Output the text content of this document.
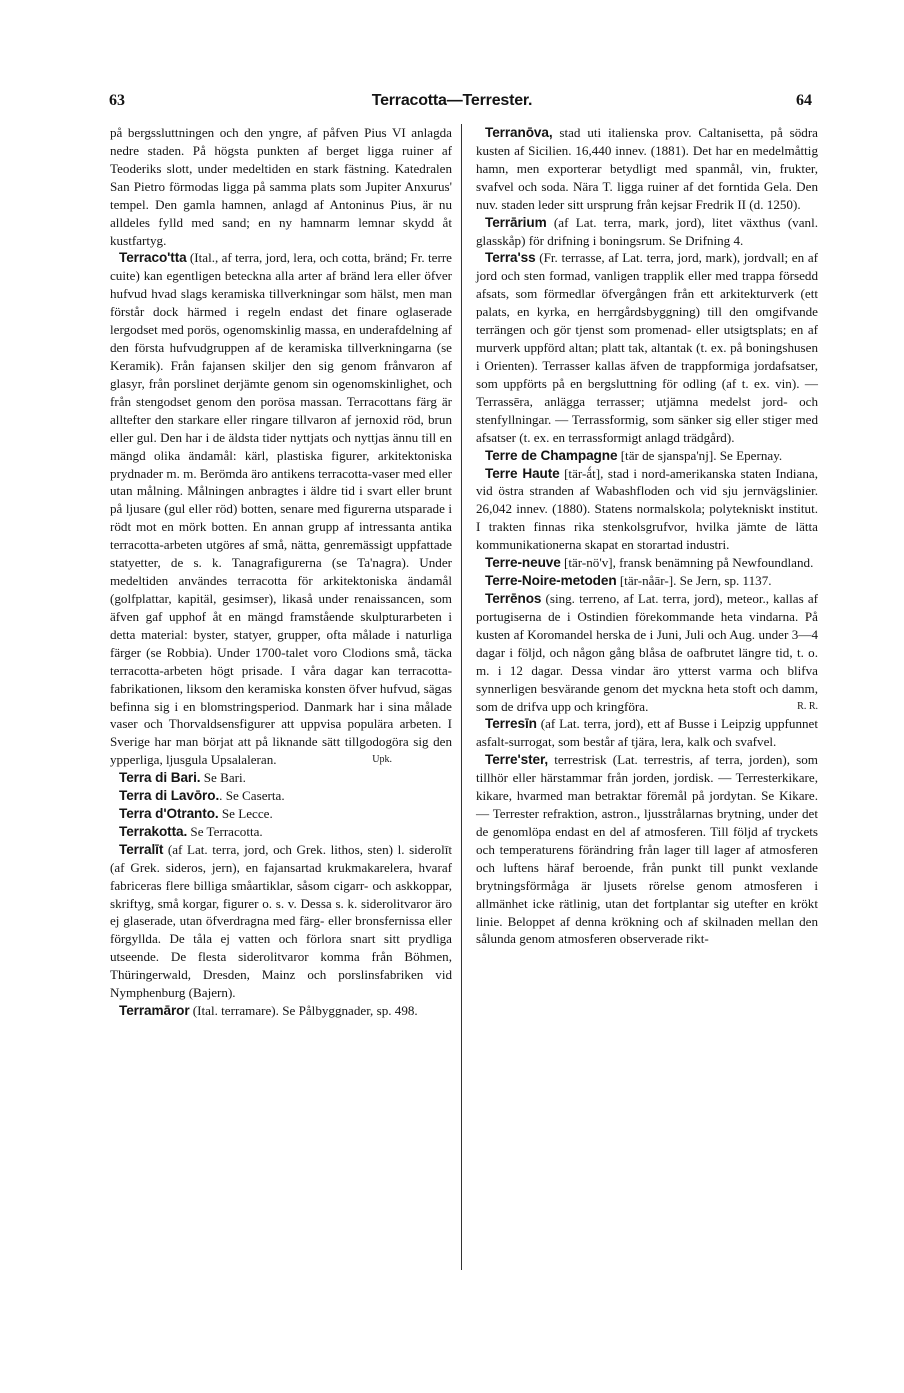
63	Terracotta—Terrester.	64

på bergssluttningen och den yngre, af påfven Pius VI anlagda nedre staden. På högsta punkten af berget ligga ruiner af Teoderiks slott, under medeltiden en stark fästning. Katedralen San Pietro förmodas ligga på samma plats som Jupiter Anxurus' tempel. Den gamla hamnen, anlagd af Antoninus Pius, är nu alldeles fylld med sand; en ny hamnarm lemnar skydd åt kustfartyg.

Terraco'tta (Ital., af terra, jord, lera, och cotta, bränd; Fr. terre cuite) kan egentligen betecknа alla arter af bränd lera eller öfver hufvud hvad slags keramiska tillverkningar som hälst, men man förstår dock härmed i regeln endast det finare oglaserade lergodset med porös, ogenomskinlig massa, en underafdelning af den första hufvudgruppen af de keramiska tillverkningarna (se Keramik). Från fajansen skiljer den sig genom frånvaron af glasyr, från porslinet derjämte genom sin ogenomskinlighet, och från stengodset genom den porösa massan. Terracottans färg är alltefter den starkare eller ringare tillvaron af jernoxid röd, brun eller gul. Den har i de äldsta tider nyttjats och nyttjas ännu till en mängd olika ändamål: kärl, plastiska figurer, arkitektoniska prydnader m. m. Berömda äro antikens terracotta-vaser med eller utan målning. Målningen anbragtes i äldre tid i svart eller brunt på ljusare (gul eller röd) botten, senare med figurerna utsparade i rödt mot en mörk botten. En annan grupp af intressanta antika terracotta-arbeten utgöres af små, nätta, genremässigt uppfattade statyetter, de s. k. Tanagrafigurerna (se Ta'nagra). Under medeltiden användes terracotta för arkitektoniska ändamål (golfplattar, kapitäl, gesimser), likaså under renaissancen, som äfven gaf upphof åt en mängd framstående skulpturarbeten i detta material: byster, statyer, grupper, ofta målade i naturliga färger (se Robbia). Under 1700-talet voro Clodions små, täcka terracotta-arbeten högt prisade. I våra dagar kan terracotta-fabrikationen, liksom den keramiska konsten öfver hufvud, sägas befinna sig i en blomstringsperiod. Danmark har i sina målade vaser och Thorvaldsensfigurer att uppvisa populära arbeten. I Sverige har man börjat att på liknande sätt tillgodogöra sig den ypperliga, ljusgula Upsalaleran.	Upk.

Terra di Bari. Se Bari.

Terra di Lavōro.. Se Caserta.

Terra d'Otranto. Se Lecce.

Terrakotta. Se Terracotta.

Terralīt (af Lat. terra, jord, och Grek. lithos, sten) l. siderolīt (af Grek. sideros, jern), en fajansartad krukmakarelera, hvaraf fabriceras flere billiga småartiklar, såsom cigarr- och askkoppar, skriftyg, små korgar, figurer o. s. v. Dessa s. k. siderolitvaror äro ej glaserade, utan öfverdragna med färg- eller bronsfernissa eller förgyllda. De tåla ej vatten och förlora snart sitt prydliga utseende. De flesta siderolitvaror komma från Böhmen, Thüringerwald, Dresden, Mainz och porslinsfabriken vid Nymphenburg (Bajern).

Terramāror (Ital. terramare). Se Pålbyggnader, sp. 498.

Terranōva, stad uti italienska prov. Caltanisetta, på södra kusten af Sicilien. 16,440 innev. (1881). Det har en medelmåttig hamn, men exporterar betydligt med spanmål, vin, frukter, svafvel och soda. Nära T. ligga ruiner af det forntida Gela. Den nuv. staden leder sitt ursprung från kejsar Fredrik II (d. 1250).

Terrārium (af Lat. terra, mark, jord), litet växthus (vanl. glasskåp) för drifning i boningsrum. Se Drifning 4.

Terra'ss (Fr. terrasse, af Lat. terra, jord, mark), jordvall; en af jord och sten formad, vanligen trapplik eller med trappa försedd afsats, som förmedlar öfvergången från ett arkitekturverk (ett palats, en kyrka, en herrgårdsbyggning) till den omgifvande terrängen och gör tjenst som promenad- eller utsigtsplats; en af murverk uppförd altan; platt tak, altantak (t. ex. på boningshusen i Orienten). Terrasser kallas äfven de trappformiga jordafsatser, som uppförts på en bergsluttning för odling (af t. ex. vin). — Terrassēra, anlägga terrasser; utjämna medelst jord- och stenfyllningar. — Terrassformig, som sänker sig eller stiger med afsatser (t. ex. en terrassformigt anlagd trädgård).

Terre de Champagne [tär de sjanspa'nj]. Se Epernay.

Terre Haute [tär-ǻt], stad i nord-amerikanska staten Indiana, vid östra stranden af Wabashfloden och vid sju jernvägslinier. 26,042 innev. (1880). Statens normalskola; polytekniskt institut. I trakten finnas rika stenkolsgrufvor, hvilka jämte de lätta kommunikationerna skapat en storartad industri.

Terre-neuve [tär-nö'v], fransk benämning på Newfoundland.

Terre-Noire-metoden [tär-nåār-]. Se Jern, sp. 1137.

Terrēnos (sing. terreno, af Lat. terra, jord), meteor., kallas af portugiserna de i Ostindien förekommande heta vindarna. På kusten af Koromandel herska de i Juni, Juli och Aug. under 3—4 dagar i följd, och någon gång blåsa de oafbrutet längre tid, t. o. m. i 12 dagar. Dessa vindar äro ytterst varma och blifva synnerligen besvärande genom det myckna heta stoft och damm, som de drifva upp och kringföra.	R. R.

Terresīn (af Lat. terra, jord), ett af Busse i Leipzig uppfunnet asfalt-surrogat, som består af tjära, lera, kalk och svafvel.

Terre'ster, terrestrisk (Lat. terrestris, af terra, jorden), som tillhör eller härstammar från jorden, jordisk. — Terresterkikare, kikare, hvarmed man betraktar föremål på jordytan. Se Kikare. — Terrester refraktion, astron., ljusstrålarnas brytning, under det de genomlöpa endast en del af atmosferen. Till följd af tryckets och temperaturens förändring från lager till lager af atmosferen och luftens häraf beroende, från punkt till punkt vexlande brytningsförmåga är ljusets rörelse genom atmosferen i allmänhet icke rätlinig, utan det fortplantar sig utefter en krökt linie. Beloppet af denna krökning och af skilnaden mellan den sålunda genom atmosferen observerade rikt-
